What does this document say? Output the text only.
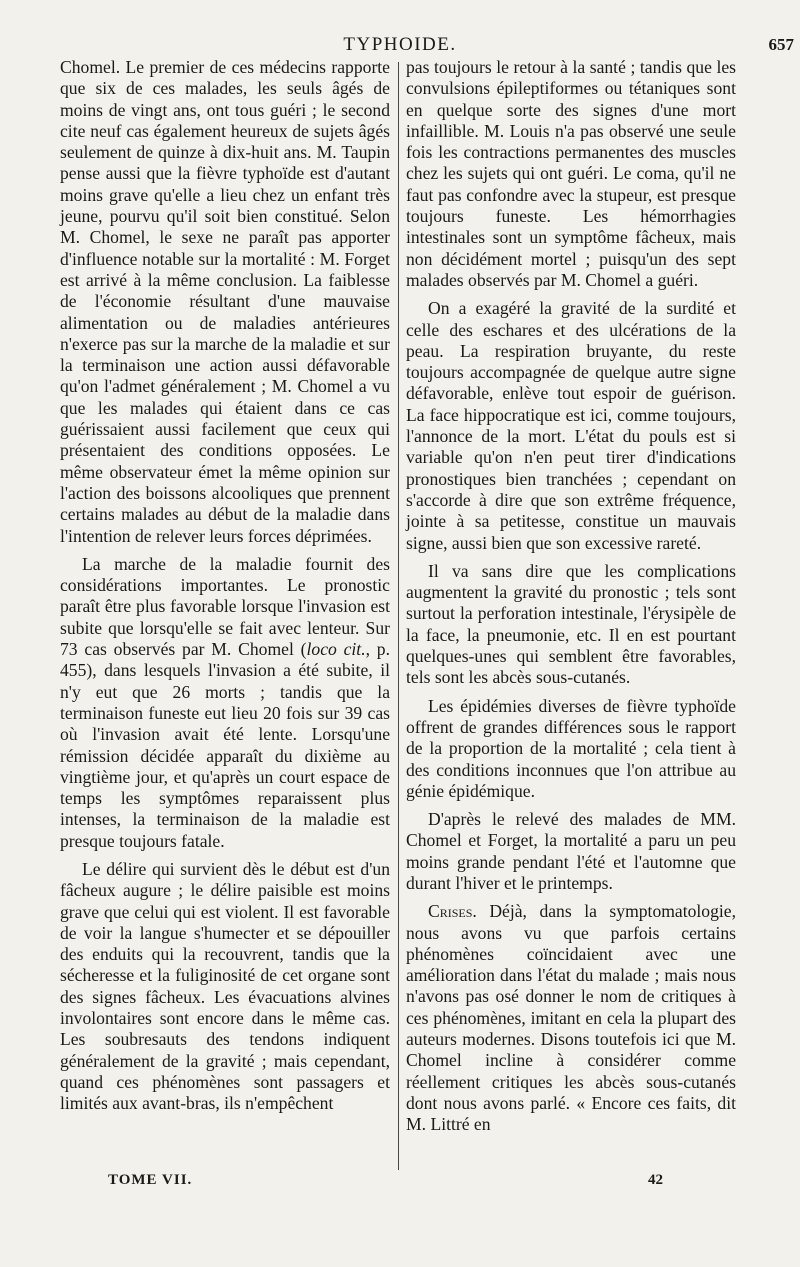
TYPHOIDE.	657

Chomel. Le premier de ces médecins rapporte que six de ces malades, les seuls âgés de moins de vingt ans, ont tous guéri ; le second cite neuf cas également heureux de sujets âgés seulement de quinze à dix-huit ans. M. Taupin pense aussi que la fièvre typhoïde est d'autant moins grave qu'elle a lieu chez un enfant très jeune, pourvu qu'il soit bien constitué. Selon M. Chomel, le sexe ne paraît pas apporter d'influence notable sur la mortalité : M. Forget est arrivé à la même conclusion. La faiblesse de l'économie résultant d'une mauvaise alimentation ou de maladies antérieures n'exerce pas sur la marche de la maladie et sur la terminaison une action aussi défavorable qu'on l'admet généralement ; M. Chomel a vu que les malades qui étaient dans ce cas guérissaient aussi facilement que ceux qui présentaient des conditions opposées. Le même observateur émet la même opinion sur l'action des boissons alcooliques que prennent certains malades au début de la maladie dans l'intention de relever leurs forces déprimées.

La marche de la maladie fournit des considérations importantes. Le pronostic paraît être plus favorable lorsque l'invasion est subite que lorsqu'elle se fait avec lenteur. Sur 73 cas observés par M. Chomel (loco cit., p. 455), dans lesquels l'invasion a été subite, il n'y eut que 26 morts ; tandis que la terminaison funeste eut lieu 20 fois sur 39 cas où l'invasion avait été lente. Lorsqu'une rémission décidée apparaît du dixième au vingtième jour, et qu'après un court espace de temps les symptômes reparaissent plus intenses, la terminaison de la maladie est presque toujours fatale.

Le délire qui survient dès le début est d'un fâcheux augure ; le délire paisible est moins grave que celui qui est violent. Il est favorable de voir la langue s'humecter et se dépouiller des enduits qui la recouvrent, tandis que la sécheresse et la fuliginosité de cet organe sont des signes fâcheux. Les évacuations alvines involontaires sont encore dans le même cas. Les soubresauts des tendons indiquent généralement de la gravité ; mais cependant, quand ces phénomènes sont passagers et limités aux avant-bras, ils n'empêchent

pas toujours le retour à la santé ; tandis que les convulsions épileptiformes ou tétaniques sont en quelque sorte des signes d'une mort infaillible. M. Louis n'a pas observé une seule fois les contractions permanentes des muscles chez les sujets qui ont guéri. Le coma, qu'il ne faut pas confondre avec la stupeur, est presque toujours funeste. Les hémorrhagies intestinales sont un symptôme fâcheux, mais non décidément mortel ; puisqu'un des sept malades observés par M. Chomel a guéri.

On a exagéré la gravité de la surdité et celle des eschares et des ulcérations de la peau. La respiration bruyante, du reste toujours accompagnée de quelque autre signe défavorable, enlève tout espoir de guérison. La face hippocratique est ici, comme toujours, l'annonce de la mort. L'état du pouls est si variable qu'on n'en peut tirer d'indications pronostiques bien tranchées ; cependant on s'accorde à dire que son extrême fréquence, jointe à sa petitesse, constitue un mauvais signe, aussi bien que son excessive rareté.

Il va sans dire que les complications augmentent la gravité du pronostic ; tels sont surtout la perforation intestinale, l'érysipèle de la face, la pneumonie, etc. Il en est pourtant quelques-unes qui semblent être favorables, tels sont les abcès sous-cutanés.

Les épidémies diverses de fièvre typhoïde offrent de grandes différences sous le rapport de la proportion de la mortalité ; cela tient à des conditions inconnues que l'on attribue au génie épidémique.

D'après le relevé des malades de MM. Chomel et Forget, la mortalité a paru un peu moins grande pendant l'été et l'automne que durant l'hiver et le printemps.

Crises. Déjà, dans la symptomatologie, nous avons vu que parfois certains phénomènes coïncidaient avec une amélioration dans l'état du malade ; mais nous n'avons pas osé donner le nom de critiques à ces phénomènes, imitant en cela la plupart des auteurs modernes. Disons toutefois ici que M. Chomel incline à considérer comme réellement critiques les abcès sous-cutanés dont nous avons parlé. « Encore ces faits, dit M. Littré en

TOME VII.	42
